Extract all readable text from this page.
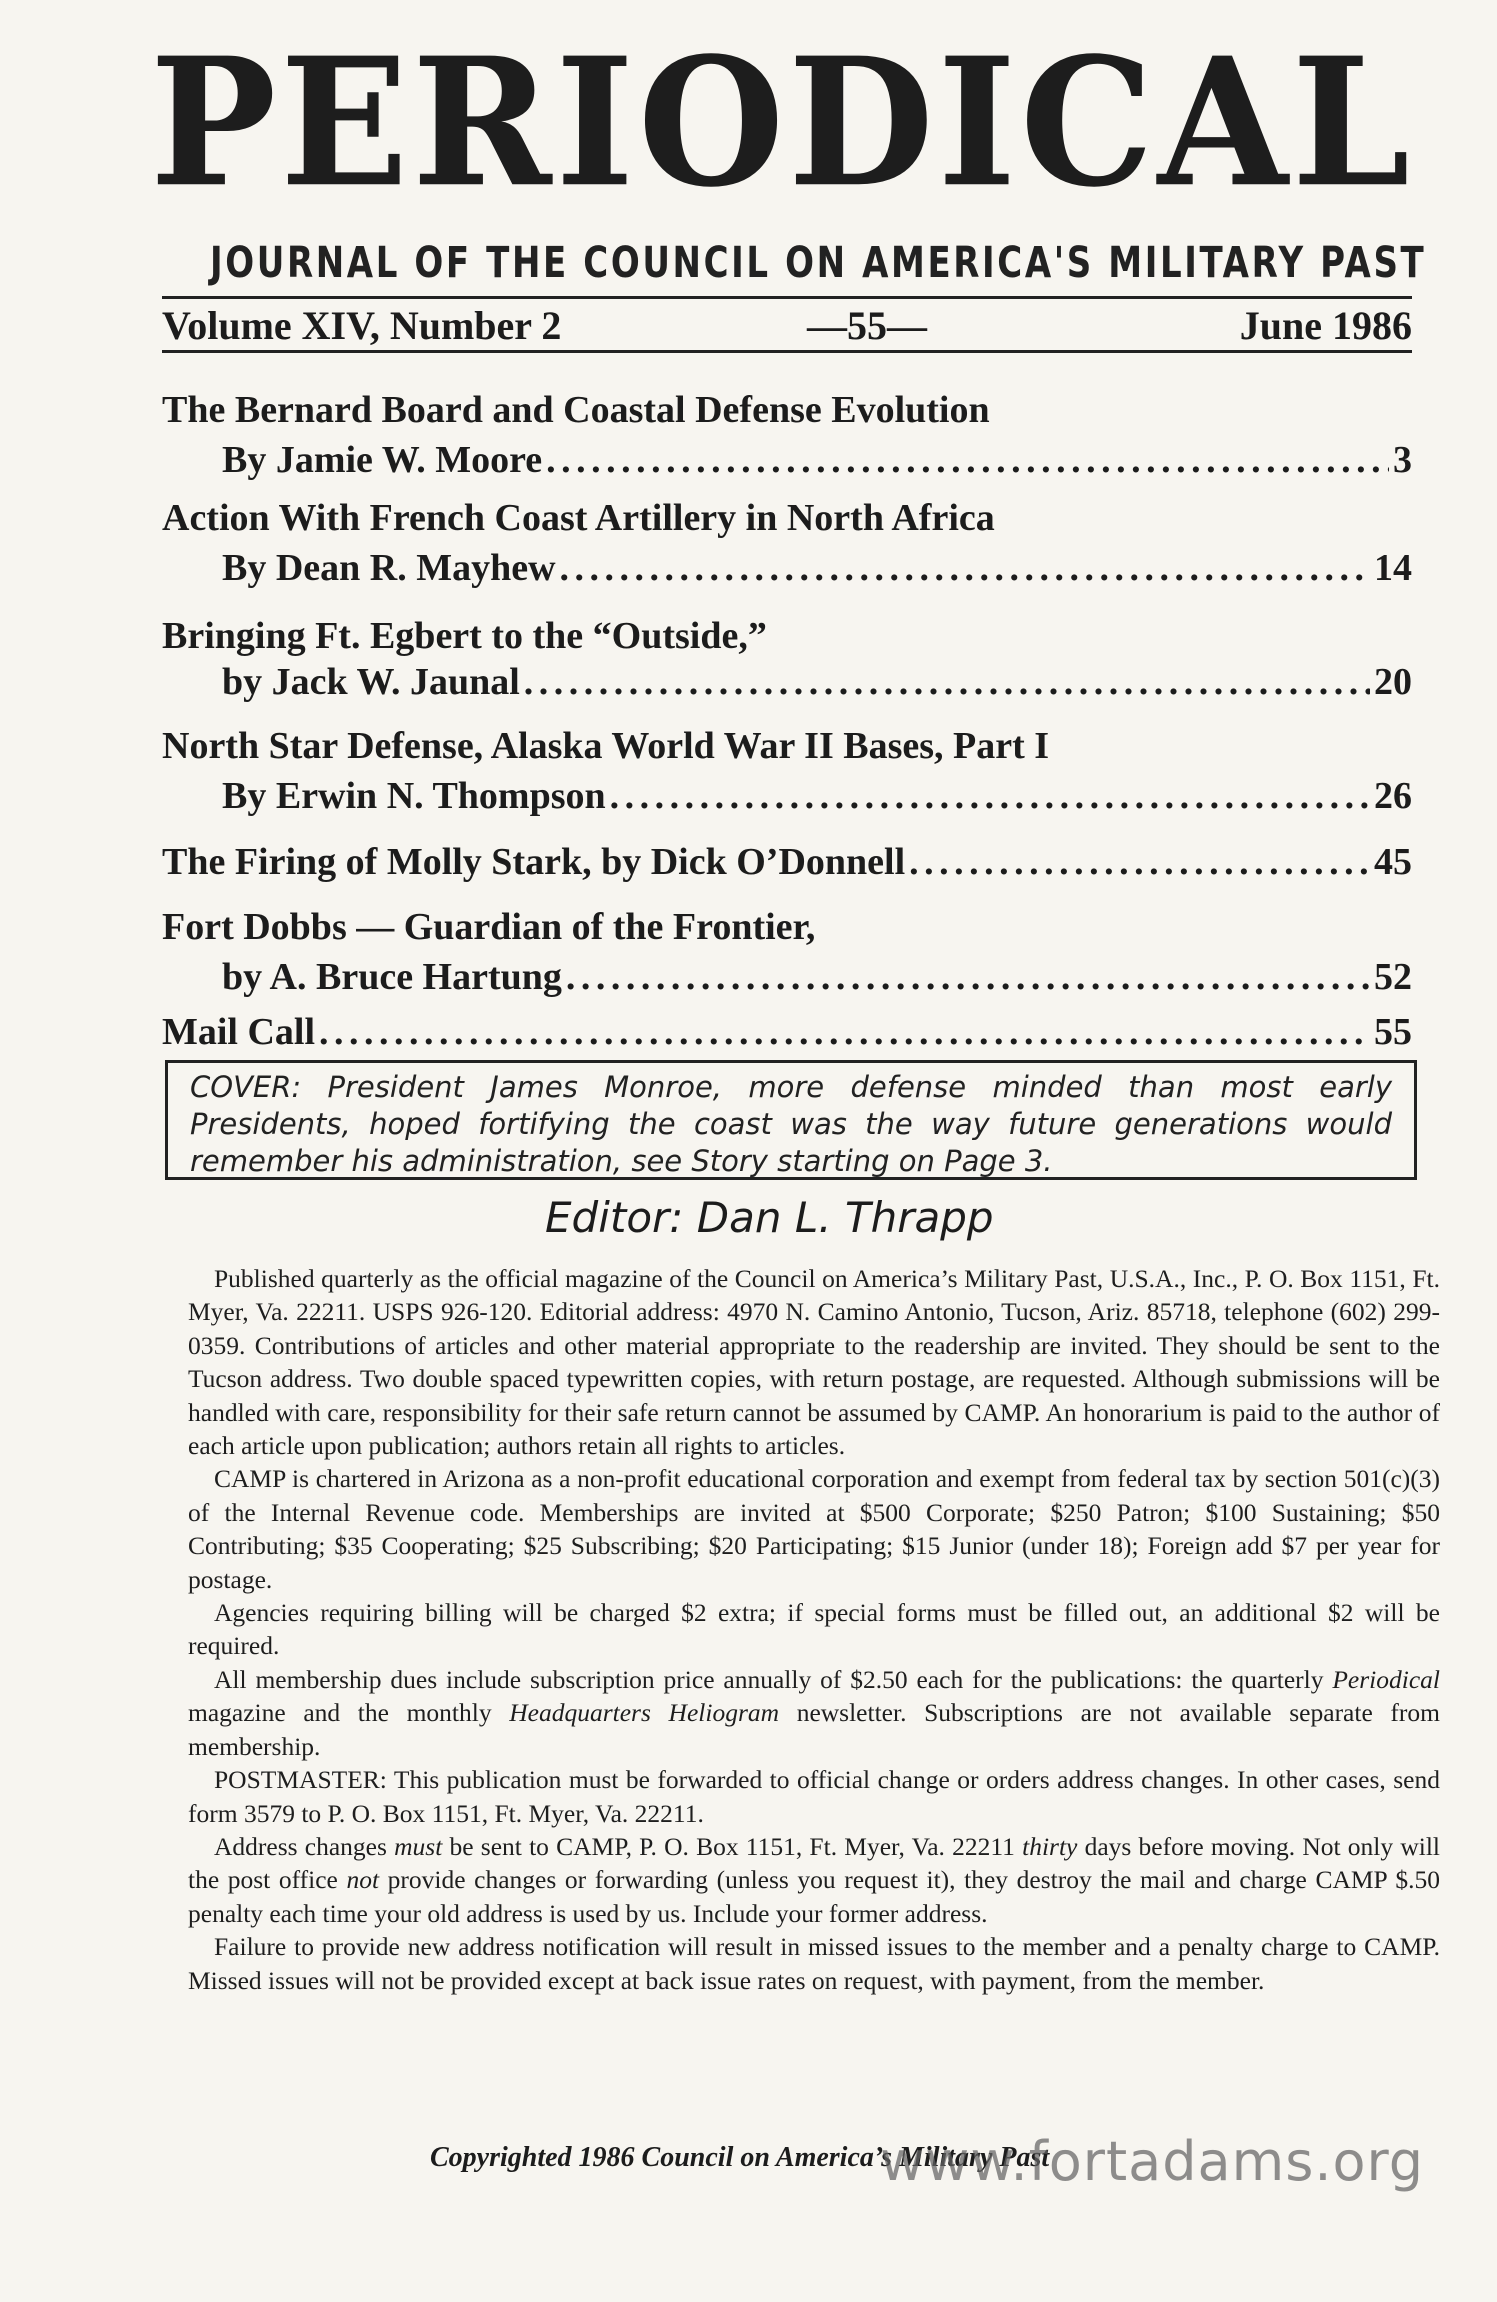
P E R I O D I C A L
JOURNAL OF THE COUNCIL ON AMERICA'S MILITARY PAST
Volume XIV, Number 2	—55—	June 1986
The Bernard Board and Coastal Defense Evolution
By Jamie W. Moore . . .	3
Action With French Coast Artillery in North Africa
By Dean R. Mayhew . . .	14
Bringing Ft. Egbert to the “Outside,”
by Jack W. Jaunal . . .	20
North Star Defense, Alaska World War II Bases, Part I
By Erwin N. Thompson . . .	26
The Firing of Molly Stark, by Dick O’Donnell . . .	45
Fort Dobbs — Guardian of the Frontier,
by A. Bruce Hartung . . .	52
Mail Call . . .	55
COVER: President James Monroe, more defense minded than most early Presidents, hoped fortifying the coast was the way future generations would remember his administration, see Story starting on Page 3.
Editor: Dan L. Thrapp

Published quarterly as the official magazine of the Council on America’s Military Past, U.S.A., Inc., P. O. Box 1151, Ft. Myer, Va. 22211. USPS 926-120. Editorial address: 4970 N. Camino Antonio, Tucson, Ariz. 85718, telephone (602) 299-0359. Contributions of articles and other material appropriate to the readership are invited. They should be sent to the Tucson address. Two double spaced typewritten copies, with return postage, are requested. Although submissions will be handled with care, responsibility for their safe return cannot be assumed by CAMP. An honorarium is paid to the author of each article upon publication; authors retain all rights to articles.

CAMP is chartered in Arizona as a non-profit educational corporation and exempt from federal tax by section 501(c)(3) of the Internal Revenue code. Memberships are invited at $500 Corporate; $250 Patron; $100 Sustaining; $50 Contributing; $35 Cooperating; $25 Subscribing; $20 Participating; $15 Junior (under 18); Foreign add $7 per year for postage.

Agencies requiring billing will be charged $2 extra; if special forms must be filled out, an additional $2 will be required.

All membership dues include subscription price annually of $2.50 each for the publications: the quarterly Periodical magazine and the monthly Headquarters Heliogram newsletter. Subscriptions are not available separate from membership.

POSTMASTER: This publication must be forwarded to official change or orders address changes. In other cases, send form 3579 to P. O. Box 1151, Ft. Myer, Va. 22211.

Address changes must be sent to CAMP, P. O. Box 1151, Ft. Myer, Va. 22211 thirty days before moving. Not only will the post office not provide changes or forwarding (unless you request it), they destroy the mail and charge CAMP $.50 penalty each time your old address is used by us. Include your former address.

Failure to provide new address notification will result in missed issues to the member and a penalty charge to CAMP. Missed issues will not be provided except at back issue rates on request, with payment, from the member.

Copyrighted 1986 Council on America’s Military Past
www.fortadams.org
